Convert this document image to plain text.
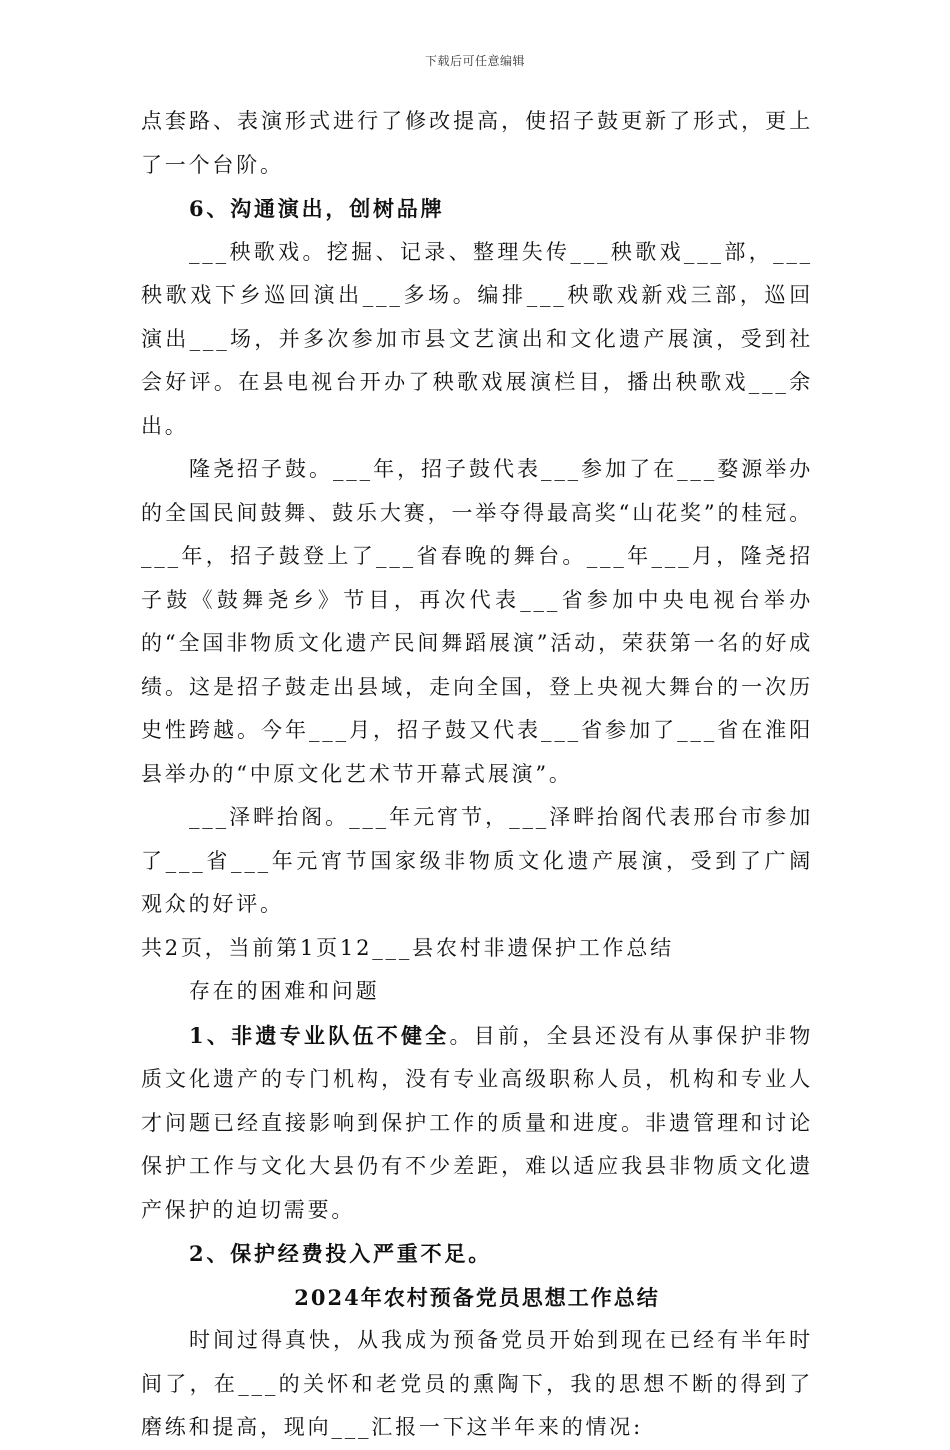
下载后可任意编辑

点套路、表演形式进行了修改提高，使招子鼓更新了形式，更上了一个台阶。

6、沟通演出，创树品牌

___秧歌戏。挖掘、记录、整理失传___秧歌戏___部，___秧歌戏下乡巡回演出___多场。编排___秧歌戏新戏三部，巡回演出___场，并多次参加市县文艺演出和文化遗产展演，受到社会好评。在县电视台开办了秧歌戏展演栏目，播出秧歌戏___余出。

隆尧招子鼓。___年，招子鼓代表___参加了在___婺源举办的全国民间鼓舞、鼓乐大赛，一举夺得最高奖“山花奖”的桂冠。___年，招子鼓登上了___省春晚的舞台。___年___月，隆尧招子鼓《鼓舞尧乡》节目，再次代表___省参加中央电视台举办的“全国非物质文化遗产民间舞蹈展演”活动，荣获第一名的好成绩。这是招子鼓走出县域，走向全国，登上央视大舞台的一次历史性跨越。今年___月，招子鼓又代表___省参加了___省在淮阳县举办的“中原文化艺术节开幕式展演”。

___泽畔抬阁。___年元宵节，___泽畔抬阁代表邢台市参加了___省___年元宵节国家级非物质文化遗产展演，受到了广阔观众的好评。

共2页，当前第1页12___县农村非遗保护工作总结

存在的困难和问题

1、非遗专业队伍不健全。目前，全县还没有从事保护非物质文化遗产的专门机构，没有专业高级职称人员，机构和专业人才问题已经直接影响到保护工作的质量和进度。非遗管理和讨论保护工作与文化大县仍有不少差距，难以适应我县非物质文化遗产保护的迫切需要。

2、保护经费投入严重不足。

2024年农村预备党员思想工作总结

时间过得真快，从我成为预备党员开始到现在已经有半年时间了，在___的关怀和老党员的熏陶下，我的思想不断的得到了磨练和提高，现向___汇报一下这半年来的情况:
